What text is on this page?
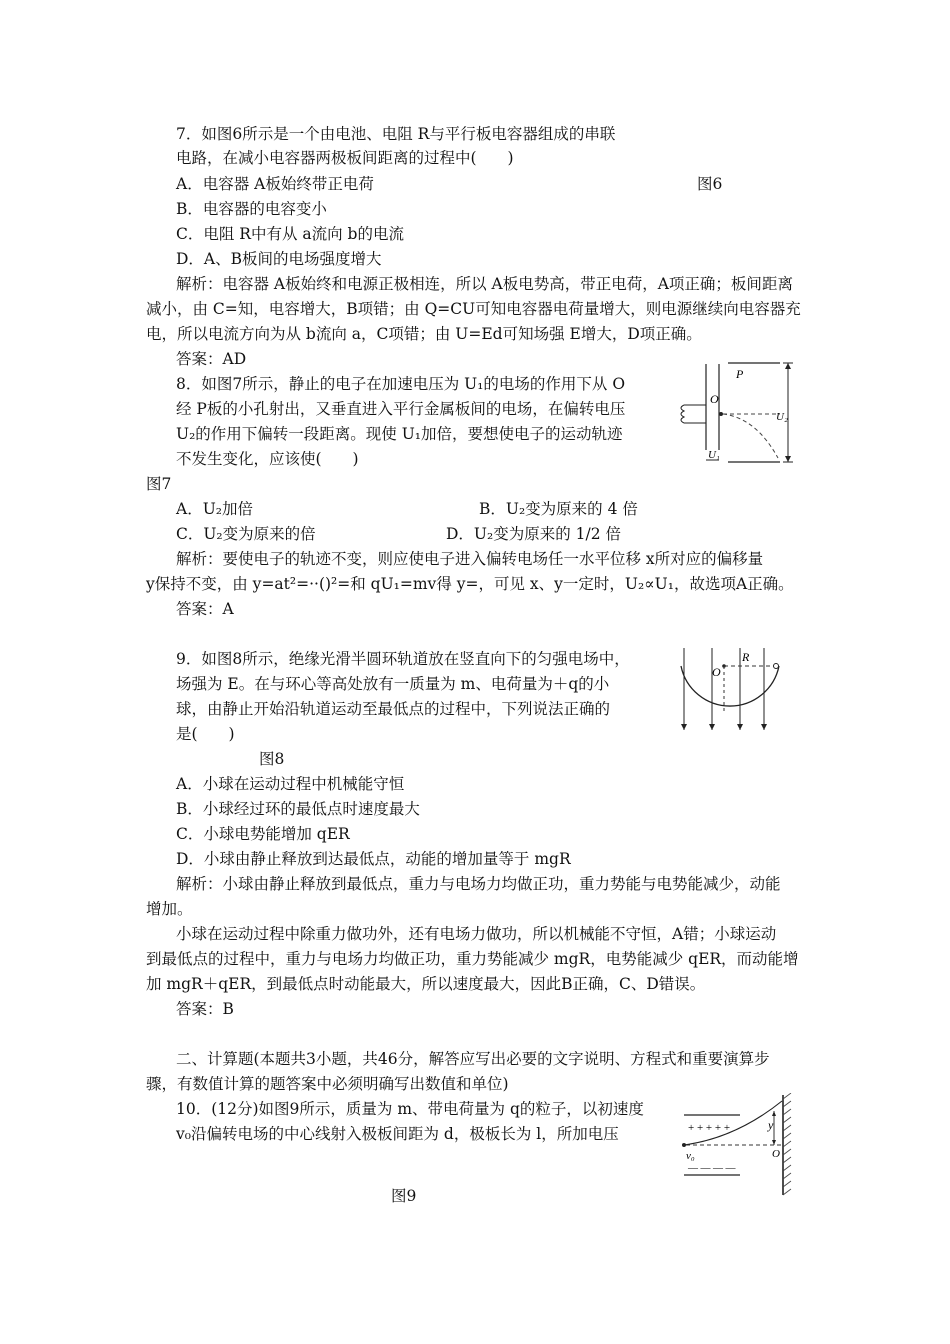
7．如图6所示是一个由电池、电阻 R与平行板电容器组成的串联
电路，在减小电容器两极板间距离的过程中(　　)
A．电容器 A板始终带正电荷	图6
B．电容器的电容变小
C．电阻 R中有从 a流向 b的电流
D．A、B板间的电场强度增大
解析：电容器 A板始终和电源正极相连，所以 A板电势高，带正电荷，A项正确；板间距离
减小，由 C=知，电容增大，B项错；由 Q=CU可知电容器电荷量增大，则电源继续向电容器充
电，所以电流方向为从 b流向 a，C项错；由 U=Ed可知场强 E增大，D项正确。
答案：AD
8．如图7所示，静止的电子在加速电压为 U₁的电场的作用下从 O
经 P板的小孔射出，又垂直进入平行金属板间的电场，在偏转电压
U₂的作用下偏转一段距离。现使 U₁加倍，要想使电子的运动轨迹
不发生变化，应该使(　　)
图7
A．U₂加倍	B．U₂变为原来的 4 倍
C．U₂变为原来的倍	D．U₂变为原来的 1/2 倍
解析：要使电子的轨迹不变，则应使电子进入偏转电场任一水平位移 x所对应的偏移量
y保持不变，由 y=at²=··()²=和 qU₁=mv得 y=，可见 x、y一定时，U₂∝U₁，故选项A正确。
答案：A
P
O
U₁
U₂
9．如图8所示，绝缘光滑半圆环轨道放在竖直向下的匀强电场中，
场强为 E。在与环心等高处放有一质量为 m、电荷量为＋q的小
球，由静止开始沿轨道运动至最低点的过程中，下列说法正确的
是(　　)
图8
A．小球在运动过程中机械能守恒
B．小球经过环的最低点时速度最大
C．小球电势能增加 qER
D．小球由静止释放到达最低点，动能的增加量等于 mgR
解析：小球由静止释放到最低点，重力与电场力均做正功，重力势能与电势能减少，动能
增加。
小球在运动过程中除重力做功外，还有电场力做功，所以机械能不守恒，A错；小球运动
到最低点的过程中，重力与电场力均做正功，重力势能减少 mgR，电势能减少 qER，而动能增
加 mgR＋qER，到最低点时动能最大，所以速度最大，因此B正确，C、D错误。
答案：B
O
R
二、计算题(本题共3小题，共46分，解答应写出必要的文字说明、方程式和重要演算步
骤，有数值计算的题答案中必须明确写出数值和单位)
10．(12分)如图9所示，质量为 m、带电荷量为 q的粒子，以初速度
v₀沿偏转电场的中心线射入极板间距为 d，极板长为 l，所加电压
图9
+ + + + +
— — — —
v₀
y
O
